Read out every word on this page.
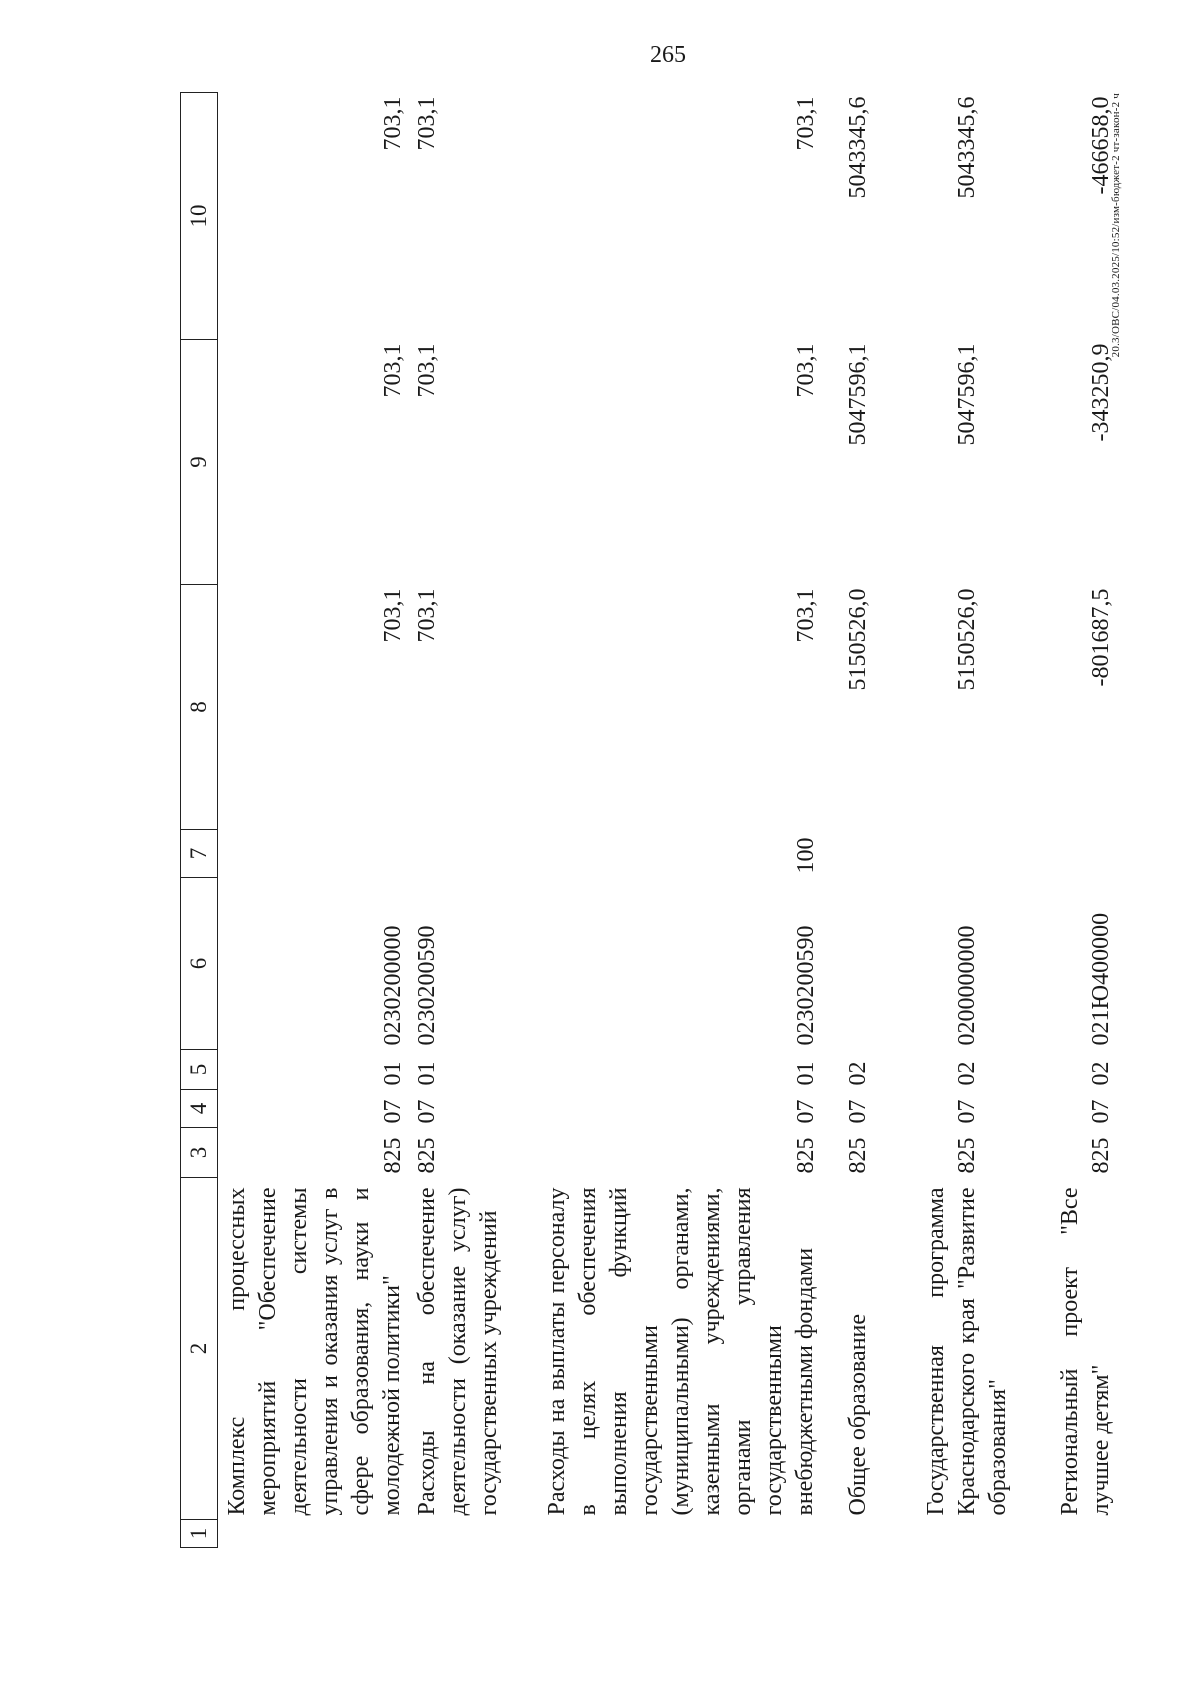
265
1	2	3	4	5	6	7	8	9	10
	Комплекс процессных мероприятий "Обеспечение деятельности системы управления и оказания услуг в сфере образования, науки и молодежной политики"	825	07	01	0230200000		703,1	703,1	703,1
	Расходы на обеспечение деятельности (оказание услуг) государственных учреждений	825	07	01	0230200590		703,1	703,1	703,1
	Расходы на выплаты персоналу в целях обеспечения выполнения функций государственными (муниципальными) органами, казенными учреждениями, органами управления государственными внебюджетными фондами	825	07	01	0230200590	100	703,1	703,1	703,1
	Общее образование	825	07	02			5150526,0	5047596,1	5043345,6
	Государственная программа Краснодарского края "Развитие образования"	825	07	02	0200000000		5150526,0	5047596,1	5043345,6
	Региональный проект "Все лучшее детям"	825	07	02	021Ю400000		-801687,5	-343250,9	-466658,0
20.3/ОВС/04.03.2025/10:52/изм-бюджет-2 чт-закон-2 ч
